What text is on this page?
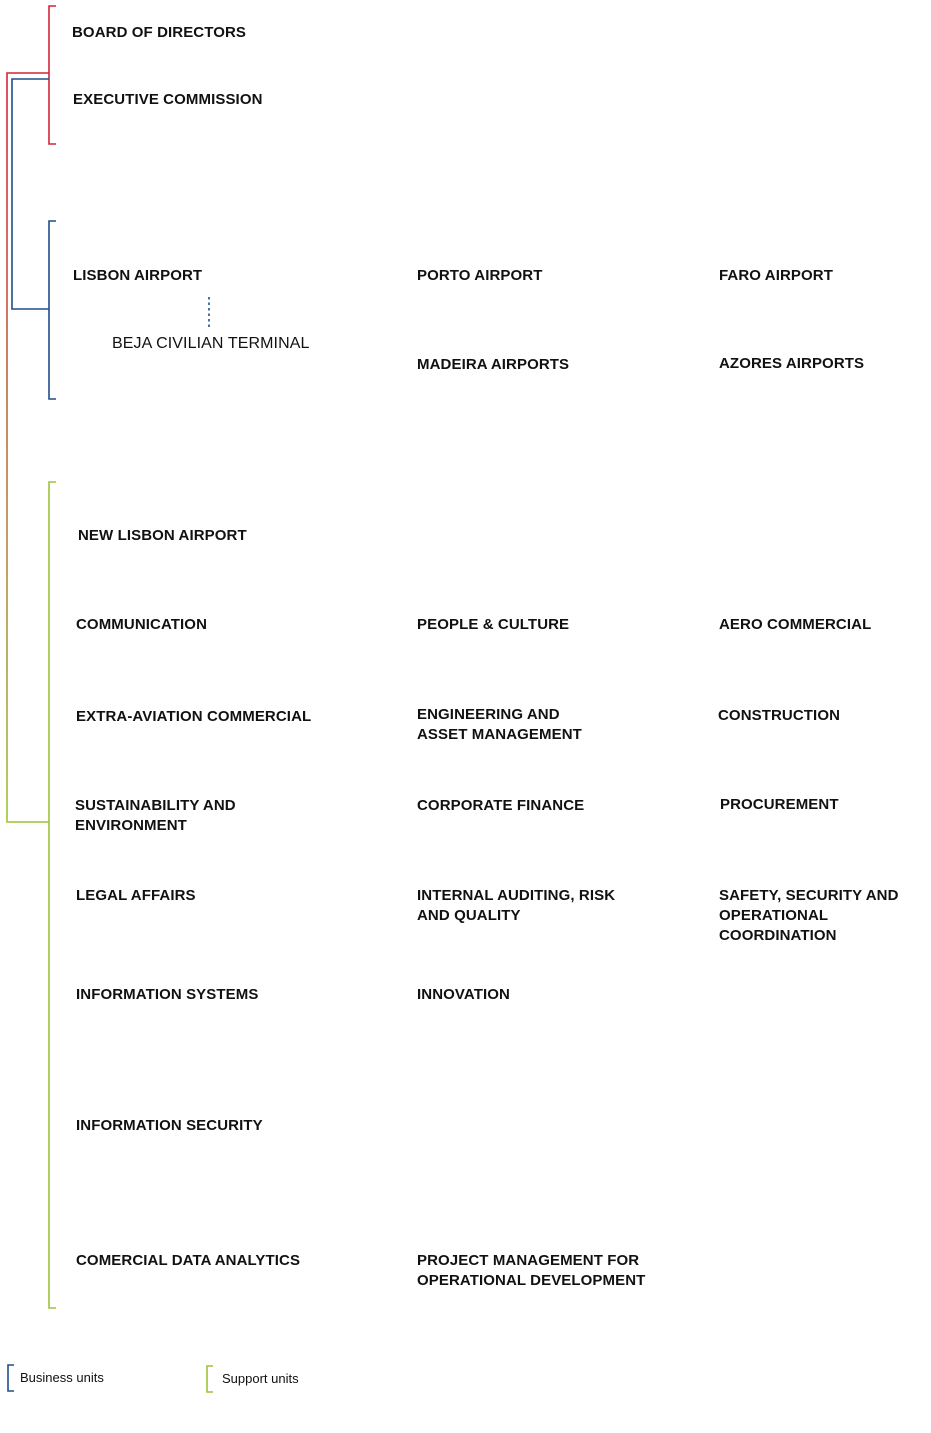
BOARD OF DIRECTORS
EXECUTIVE COMMISSION
LISBON AIRPORT
BEJA CIVILIAN TERMINAL
PORTO AIRPORT	FARO AIRPORT
MADEIRA AIRPORTS	AZORES AIRPORTS
NEW LISBON AIRPORT
COMMUNICATION	PEOPLE & CULTURE	AERO COMMERCIAL
EXTRA-AVIATION COMMERCIAL	ENGINEERING AND
ASSET MANAGEMENT
CONSTRUCTION
SUSTAINABILITY AND
ENVIRONMENT
CORPORATE FINANCE	PROCUREMENT
LEGAL AFFAIRS	INTERNAL AUDITING, RISK
AND QUALITY
SAFETY, SECURITY AND
OPERATIONAL
COORDINATION
INFORMATION SYSTEMS	INNOVATION
INFORMATION SECURITY
COMERCIAL DATA ANALYTICS	PROJECT MANAGEMENT FOR
OPERATIONAL DEVELOPMENT
Business units	Support units
